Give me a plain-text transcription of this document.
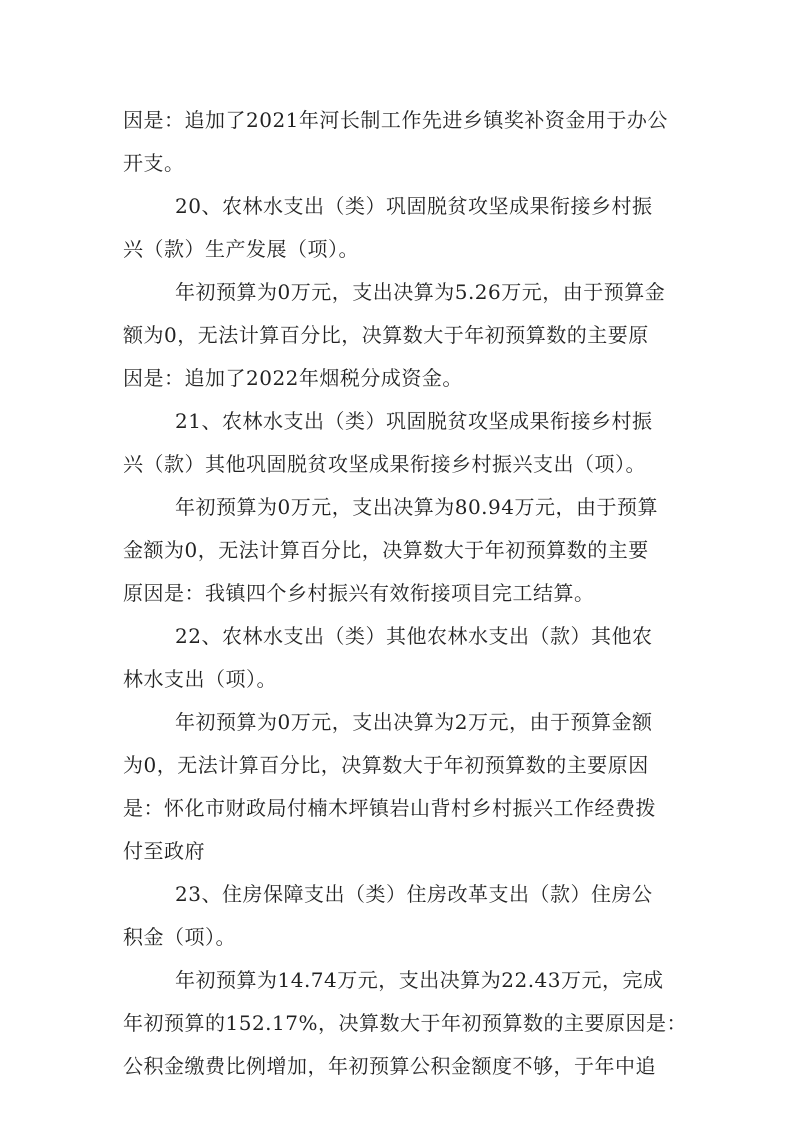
因是：追加了2021年河长制工作先进乡镇奖补资金用于办公
开支。
20、农林水支出（类）巩固脱贫攻坚成果衔接乡村振
兴（款）生产发展（项）。
年初预算为0万元，支出决算为5.26万元，由于预算金
额为0，无法计算百分比，决算数大于年初预算数的主要原
因是：追加了2022年烟税分成资金。
21、农林水支出（类）巩固脱贫攻坚成果衔接乡村振
兴（款）其他巩固脱贫攻坚成果衔接乡村振兴支出（项）。
年初预算为0万元，支出决算为80.94万元，由于预算
金额为0，无法计算百分比，决算数大于年初预算数的主要
原因是：我镇四个乡村振兴有效衔接项目完工结算。
22、农林水支出（类）其他农林水支出（款）其他农
林水支出（项）。
年初预算为0万元，支出决算为2万元，由于预算金额
为0，无法计算百分比，决算数大于年初预算数的主要原因
是：怀化市财政局付楠木坪镇岩山背村乡村振兴工作经费拨
付至政府
23、住房保障支出（类）住房改革支出（款）住房公
积金（项）。
年初预算为14.74万元，支出决算为22.43万元，完成
年初预算的152.17%，决算数大于年初预算数的主要原因是：
公积金缴费比例增加，年初预算公积金额度不够，于年中追
